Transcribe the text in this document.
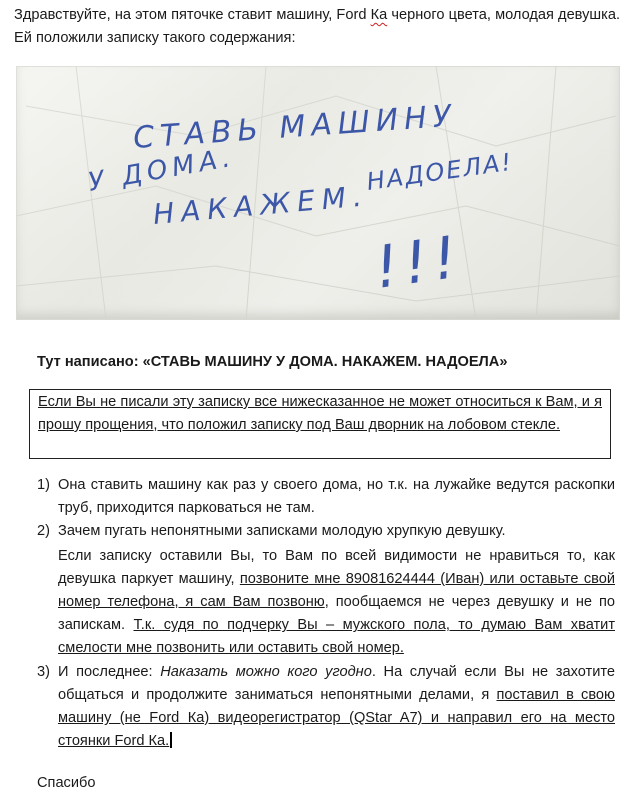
Здравствуйте, на этом пяточке ставит машину, Ford Ка черного цвета, молодая девушка. Ей положили записку такого содержания:

СТАВЬ МАШИНУ
У ДОМА.
НАКАЖЕМ.
НАДОЕЛА!
!!!

Тут написано: «СТАВЬ МАШИНУ У ДОМА. НАКАЖЕМ. НАДОЕЛА»

Если Вы не писали эту записку все нижесказанное не может относиться к Вам, и я прошу прощения, что положил записку под Ваш дворник на лобовом стекле.
1) Она ставить машину как раз у своего дома, но т.к. на лужайке ведутся раскопки труб, приходится парковаться не там.
2) Зачем пугать непонятными записками молодую хрупкую девушку.
Если записку оставили Вы, то Вам по всей видимости не нравиться то, как девушка паркует машину, позвоните мне 89081624444 (Иван) или оставьте свой номер телефона, я сам Вам позвоню, пообщаемся не через девушку и не по запискам. Т.к. судя по подчерку Вы – мужского пола, то думаю Вам хватит смелости мне позвонить или оставить свой номер.
3) И последнее: Наказать можно кого угодно. На случай если Вы не захотите общаться и продолжите заниматься непонятными делами, я поставил в свою машину (не Ford Ка) видеорегистратор (QStar A7) и направил его на место стоянки Ford Ка.

Спасибо
